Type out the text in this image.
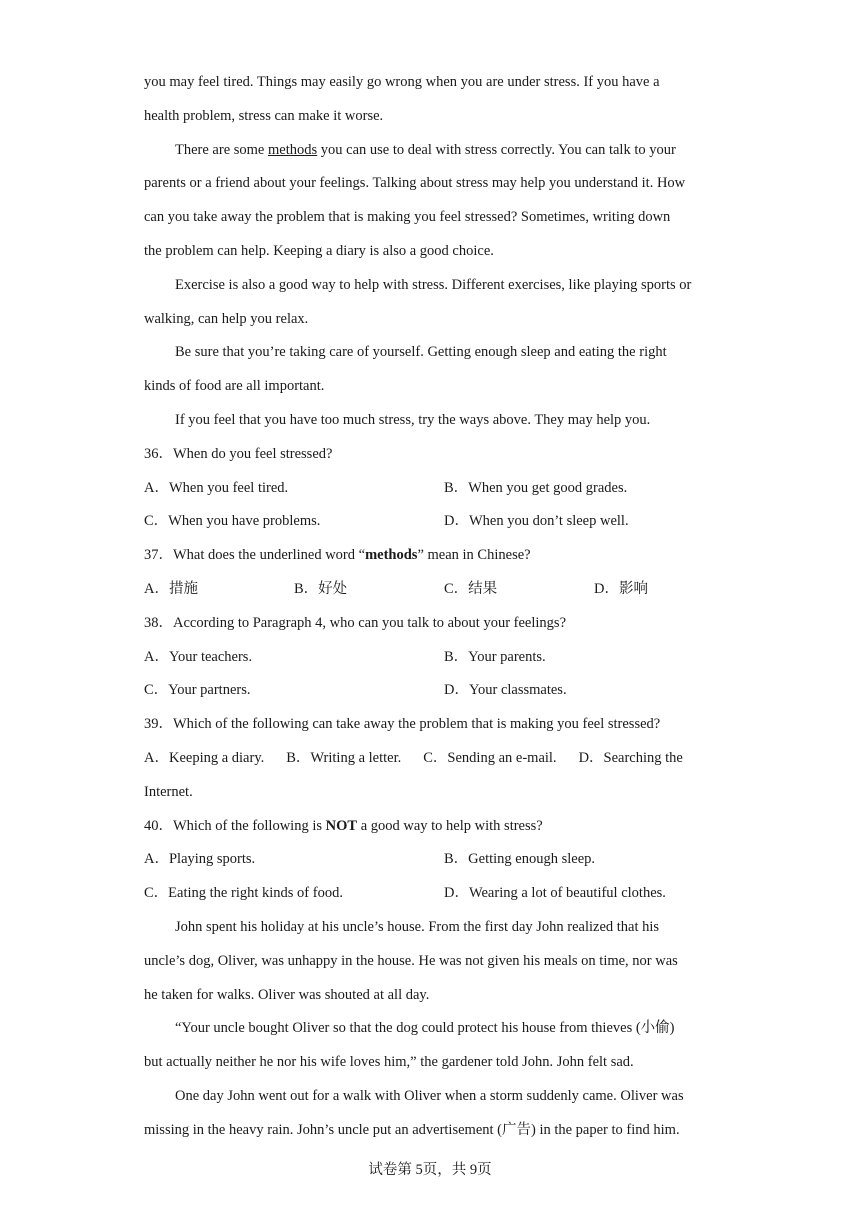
you may feel tired. Things may easily go wrong when you are under stress. If you have a
health problem, stress can make it worse.
There are some methods you can use to deal with stress correctly. You can talk to your
parents or a friend about your feelings. Talking about stress may help you understand it. How
can you take away the problem that is making you feel stressed? Sometimes, writing down
the problem can help. Keeping a diary is also a good choice.
Exercise is also a good way to help with stress. Different exercises, like playing sports or
walking, can help you relax.
Be sure that you’re taking care of yourself. Getting enough sleep and eating the right
kinds of food are all important.
If you feel that you have too much stress, try the ways above. They may help you.
36．When do you feel stressed?
A．When you feel tired.	B．When you get good grades.
C．When you have problems.	D．When you don’t sleep well.
37．What does the underlined word “methods” mean in Chinese?
A．措施	B．好处	C．结果	D．影响
38．According to Paragraph 4, who can you talk to about your feelings?
A．Your teachers.	B．Your parents.
C．Your partners.	D．Your classmates.
39．Which of the following can take away the problem that is making you feel stressed?
A．Keeping a diary. B．Writing a letter. C．Sending an e-mail. D．Searching the
Internet.
40．Which of the following is NOT a good way to help with stress?
A．Playing sports.	B．Getting enough sleep.
C．Eating the right kinds of food.	D．Wearing a lot of beautiful clothes.
John spent his holiday at his uncle’s house. From the first day John realized that his
uncle’s dog, Oliver, was unhappy in the house. He was not given his meals on time, nor was
he taken for walks. Oliver was shouted at all day.
“Your uncle bought Oliver so that the dog could protect his house from thieves (小偷)
but actually neither he nor his wife loves him,” the gardener told John. John felt sad.
One day John went out for a walk with Oliver when a storm suddenly came. Oliver was
missing in the heavy rain. John’s uncle put an advertisement (广告) in the paper to find him.
试卷第 5页，共 9页
